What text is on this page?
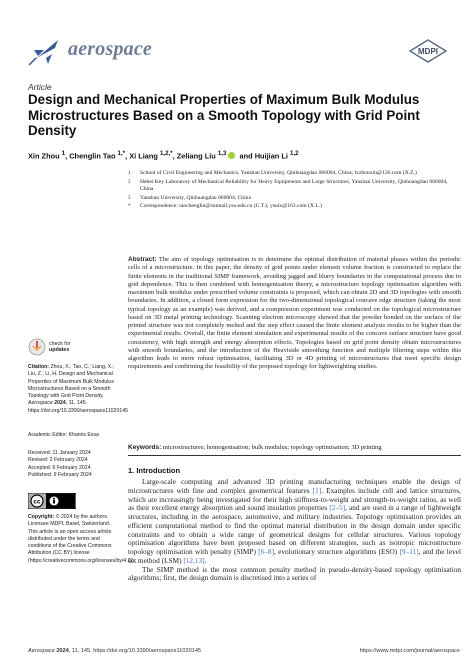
aerospace	MDPI
Article
Design and Mechanical Properties of Maximum Bulk Modulus Microstructures Based on a Smooth Topology with Grid Point Density
Xin Zhou $^1$, Chenglin Tao $^{1,*}$, Xi Liang $^{1,2,*}$, Zeliang Liu $^{1,3}$ and Huijian Li $^{1,2}$
1 School of Civil Engineering and Mechanics, Yanshan University, Qinhuangdao 066004, China; lxzhouxin@126.com (X.Z.)
2 Hebei Key Laboratory of Mechanical Reliability for Heavy Equipments and Large Structures, Yanshan University, Qinhuangdao 066004, China
3 Yanshan University, Qinhuangdao 066004, China
* Correspondence: taochenglin@stumail.ysu.edu.cn (C.T.); ysulx@163.com (X.L.)
Abstract: The aim of topology optimisation is to determine the optimal distribution of material phases within the periodic cells of a microstructure. In this paper, the density of grid points under element volume fraction is constructed to replace the finite elements in the traditional SIMP framework, avoiding jagged and blurry boundaries in the computational process due to grid dependence. This is then combined with homogenisation theory, a microstructure topology optimisation algorithm with maximum bulk modulus under prescribed volume constraints is proposed, which can obtain 2D and 3D topologies with smooth boundaries. In addition, a closed form expression for the two-dimensional topological concave edge structure (taking the most typical topology as an example) was derived, and a compression experiment was conducted on the topological microstructure based on 3D metal printing technology. Scanning electron microscopy showed that the powder bonded on the surface of the printed structure was not completely melted and the step effect caused the finite element analysis results to be higher than the experimental results. Overall, the finite element simulation and experimental results of the concave surface structure have good consistency, with high strength and energy absorption effects. Topologies based on grid point density obtain microstructures with smooth boundaries, and the introduction of the Heaviside smoothing function and multiple filtering steps within this algorithm leads to more robust optimisation, facilitating 3D or 4D printing of microstructures that meet specific design requirements and confirming the feasibility of the proposed topology for lightweighting studies.
Keywords: microstructures; homogenisation; bulk modulus; topology optimisation; 3D printing
1. Introduction

Large-scale computing and advanced 3D printing manufacturing techniques enable the design of microstructures with fine and complex geometrical features [1]. Examples include cell and lattice structures, which are increasingly being investigated for their high stiffness-to-weight and strength-to-weight ratios, as well as their excellent energy absorption and sound insulation properties [2–5], and are used in a range of lightweight structures, including in the aerospace, automotive, and military industries. Topology optimisation provides an efficient computational method to find the optimal material distribution in the design domain under specific constraints and to obtain a wide range of geometrical designs for cellular structures. Various topology optimisation algorithms have been proposed based on different strategies, such as isotropic microstructure topology optimisation with penalty (SIMP) [6–8], evolutionary structure algorithms (ESO) [9–11], and the level set method (LSM) [12,13].

The SIMP method is the most common penalty method in pseudo-density-based topology optimisation algorithms; first, the design domain is discretised into a series of

check for
updates
Citation: Zhou, X.; Tao, C.; Liang, X.; Liu, Z.; Li, H. Design and Mechanical Properties of Maximum Bulk Modulus Microstructures Based on a Smooth Topology with Grid Point Density. Aerospace 2024, 11, 145. https://doi.org/10.3390/aerospace11020145
Academic Editor: Khamis Essa
Received: 11 January 2024
Revised: 2 February 2024
Accepted: 6 February 2024
Published: 9 February 2024
cc
Copyright: © 2024 by the authors. Licensee MDPI, Basel, Switzerland. This article is an open access article distributed under the terms and conditions of the Creative Commons Attribution (CC BY) license (https://creativecommons.org/licenses/by/4.0/).
Aerospace 2024, 11, 145. https://doi.org/10.3390/aerospace11020145	https://www.mdpi.com/journal/aerospace
